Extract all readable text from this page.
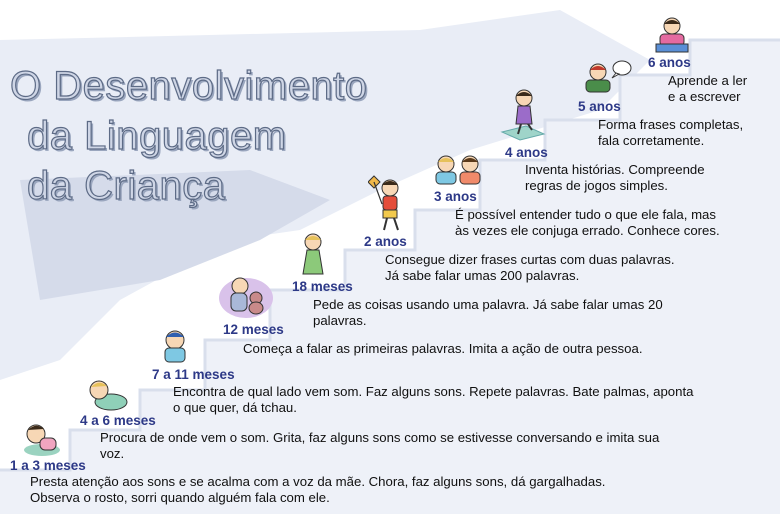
O Desenvolvimento
da Linguagem
da Criança
1 a 3 meses
Presta atenção aos sons e se acalma com a voz da mãe. Chora, faz alguns sons, dá gargalhadas.
Observa o rosto, sorri quando alguém fala com ele.
4 a 6 meses
Procura de onde vem o som. Grita, faz alguns sons como se estivesse conversando e imita sua
voz.
7 a 11 meses
Encontra de qual lado vem som. Faz alguns sons. Repete palavras. Bate palmas, aponta
o que quer, dá tchau.
12 meses
Começa a falar as primeiras palavras. Imita a ação de outra pessoa.
18 meses
Pede as coisas usando uma palavra. Já sabe falar umas 20
palavras.
2 anos
Consegue dizer frases curtas com duas palavras.
Já sabe falar umas 200 palavras.
3 anos
É possível entender tudo o que ele fala, mas
às vezes ele conjuga errado. Conhece cores.
4 anos
Inventa histórias. Compreende
regras de jogos simples.
5 anos
Forma frases completas,
fala corretamente.
6 anos
Aprende a ler
e a escrever
